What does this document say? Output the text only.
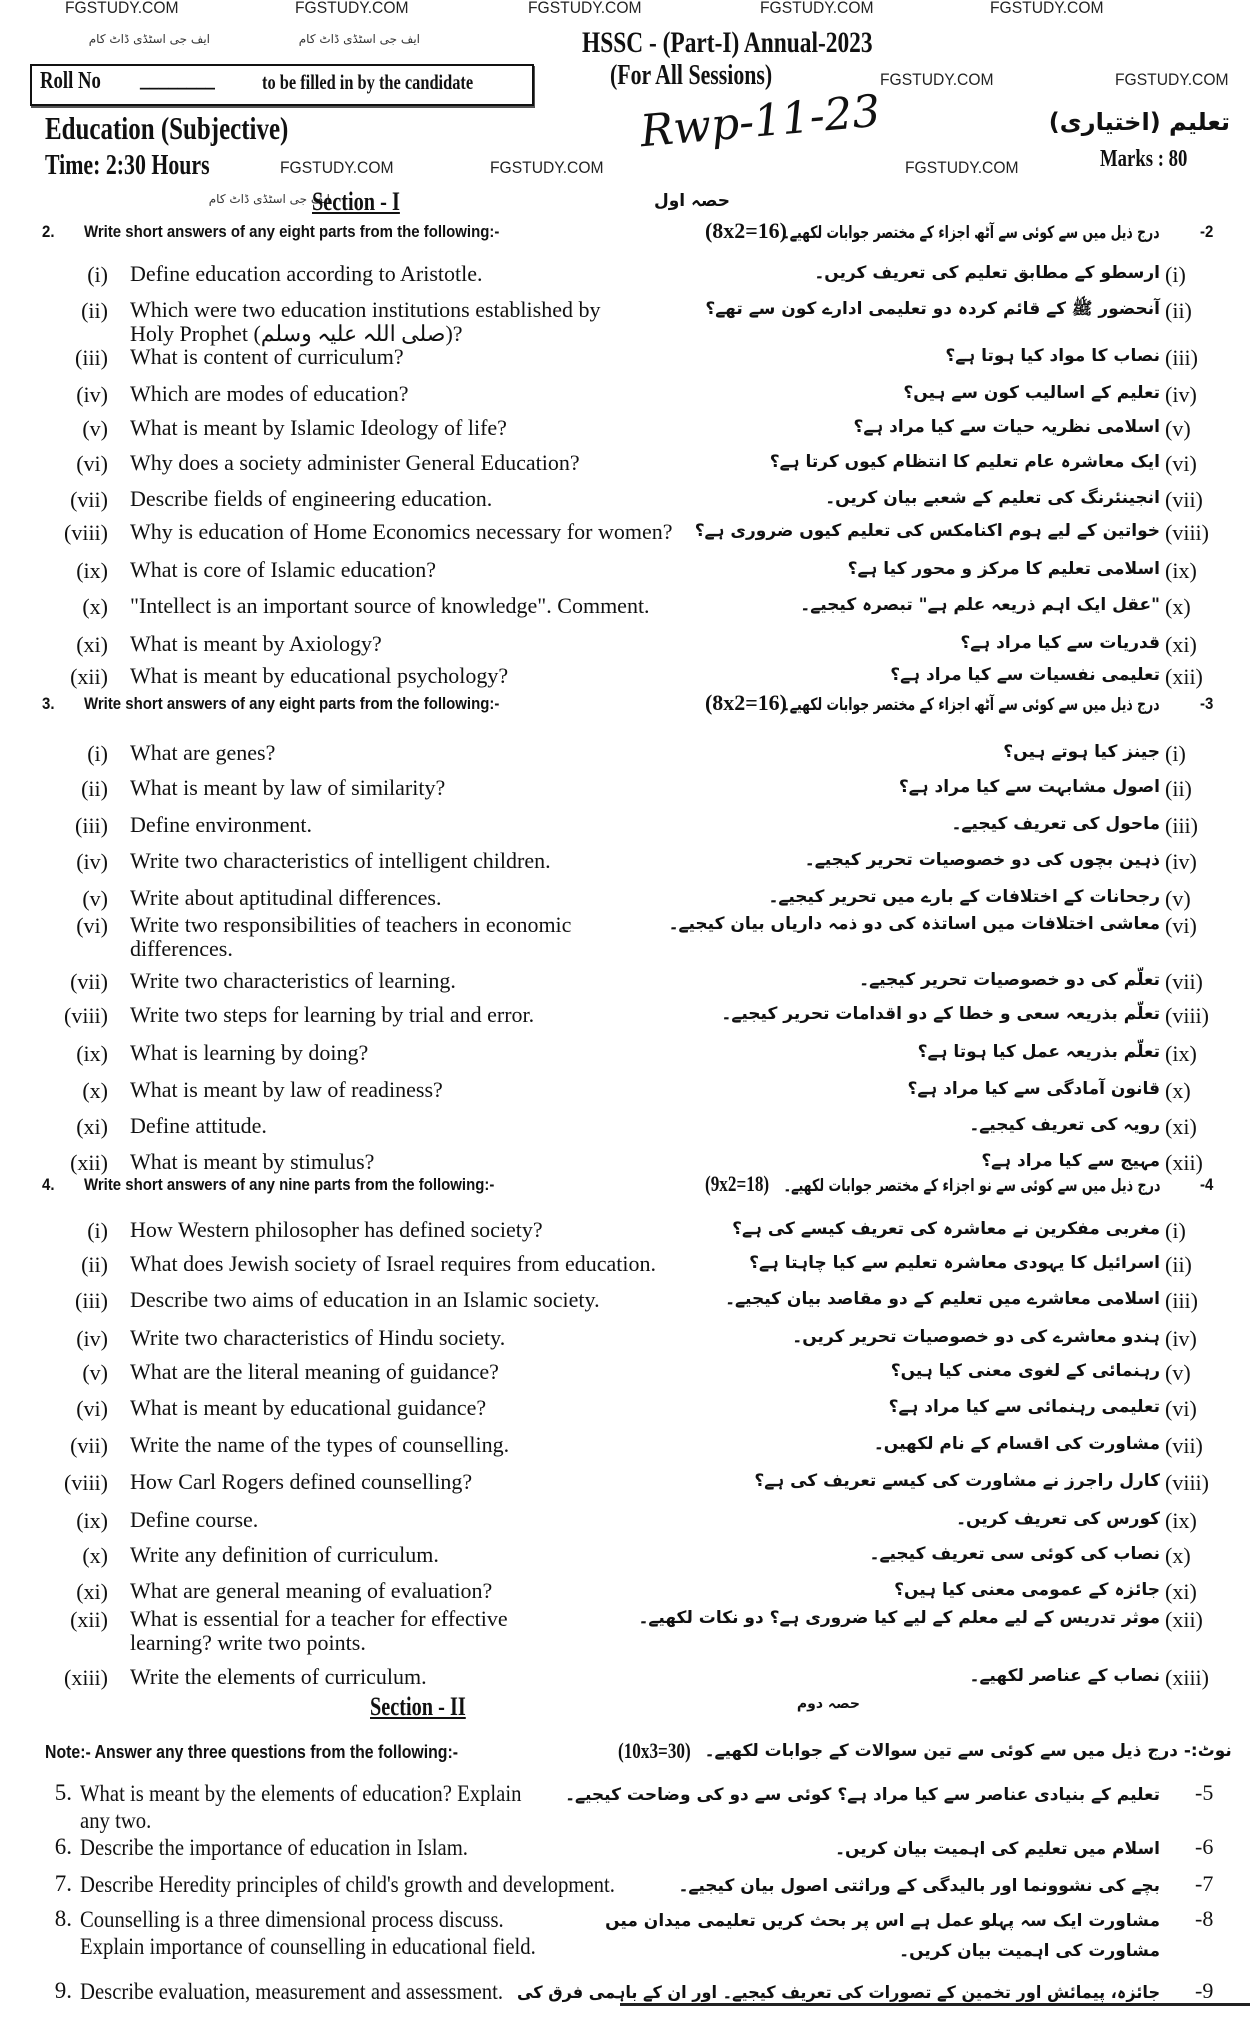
FGSTUDY.COM	FGSTUDY.COM	FGSTUDY.COM	FGSTUDY.COM	FGSTUDY.COM
ایف جی اسٹڈی ڈاٹ کام	ایف جی اسٹڈی ڈاٹ کام
ایف جی اسٹڈی ڈاٹ کام
HSSC - (Part-I) Annual-2023
Roll No ________ to be filled in by the candidate	(For All Sessions)	FGSTUDY.COM	FGSTUDY.COM
Education (Subjective)	تعلیم (اختیاری)
Rwp-11-23
Time: 2:30 Hours	FGSTUDY.COM	FGSTUDY.COM	FGSTUDY.COM	Marks : 80
Section - I	حصہ اول
2. Write short answers of any eight parts from the following:-	(8x2=16)
درج ذیل میں سے کوئی سے آٹھ اجزاء کے مختصر جوابات لکھیے۔ -2
(i) Define education according to Aristotle.	ارسطو کے مطابق تعلیم کی تعریف کریں۔ (i)
(ii) Which were two education institutions established by
Holy Prophet (صلی اللہ علیہ وسلم)?
آنحضور ﷺ کے قائم کردہ دو تعلیمی ادارے کون سے تھے؟ (ii)
(iii) What is content of curriculum?	نصاب کا مواد کیا ہوتا ہے؟ (iii)
(iv) Which are modes of education?	تعلیم کے اسالیب کون سے ہیں؟ (iv)
(v) What is meant by Islamic Ideology of life?	اسلامی نظریہ حیات سے کیا مراد ہے؟ (v)
(vi) Why does a society administer General Education?	ایک معاشرہ عام تعلیم کا انتظام کیوں کرتا ہے؟ (vi)
(vii) Describe fields of engineering education.	انجینئرنگ کی تعلیم کے شعبے بیان کریں۔ (vii)
(viii) Why is education of Home Economics necessary for women? خواتین کے لیے ہوم اکنامکس کی تعلیم کیوں ضروری ہے؟ (viii)
(ix) What is core of Islamic education?	اسلامی تعلیم کا مرکز و محور کیا ہے؟ (ix)
(x) "Intellect is an important source of knowledge". Comment.	"عقل ایک اہم ذریعہ علم ہے" تبصرہ کیجیے۔ (x)
(xi) What is meant by Axiology?	قدریات سے کیا مراد ہے؟ (xi)
(xii) What is meant by educational psychology?	تعلیمی نفسیات سے کیا مراد ہے؟ (xii)
3. Write short answers of any eight parts from the following:-	(8x2=16)
درج ذیل میں سے کوئی سے آٹھ اجزاء کے مختصر جوابات لکھیے۔ -3
(i) What are genes?	جینز کیا ہوتے ہیں؟ (i)
(ii) What is meant by law of similarity?	اصول مشابہت سے کیا مراد ہے؟ (ii)
(iii) Define environment.	ماحول کی تعریف کیجیے۔ (iii)
(iv) Write two characteristics of intelligent children.	ذہین بچوں کی دو خصوصیات تحریر کیجیے۔ (iv)
(v) Write about aptitudinal differences.	رجحانات کے اختلافات کے بارے میں تحریر کیجیے۔ (v)
(vi) Write two responsibilities of teachers in economic
differences.
معاشی اختلافات میں اساتذہ کی دو ذمہ داریاں بیان کیجیے۔ (vi)
(vii) Write two characteristics of learning.	تعلّم کی دو خصوصیات تحریر کیجیے۔ (vii)
(viii) Write two steps for learning by trial and error.	تعلّم بذریعہ سعی و خطا کے دو اقدامات تحریر کیجیے۔ (viii)
(ix) What is learning by doing?	تعلّم بذریعہ عمل کیا ہوتا ہے؟ (ix)
(x) What is meant by law of readiness?	قانون آمادگی سے کیا مراد ہے؟ (x)
(xi) Define attitude.	رویہ کی تعریف کیجیے۔ (xi)
(xii) What is meant by stimulus?	مہیج سے کیا مراد ہے؟ (xii)
4. Write short answers of any nine parts from the following:-	(9x2=18) درج ذیل میں سے کوئی سے نو اجزاء کے مختصر جوابات لکھیے۔ -4
(i) How Western philosopher has defined society?	مغربی مفکرین نے معاشرہ کی تعریف کیسے کی ہے؟ (i)
(ii) What does Jewish society of Israel requires from education.	اسرائیل کا یہودی معاشرہ تعلیم سے کیا چاہتا ہے؟ (ii)
(iii) Describe two aims of education in an Islamic society.	اسلامی معاشرے میں تعلیم کے دو مقاصد بیان کیجیے۔ (iii)
(iv) Write two characteristics of Hindu society.	ہندو معاشرے کی دو خصوصیات تحریر کریں۔ (iv)
(v) What are the literal meaning of guidance?	رہنمائی کے لغوی معنی کیا ہیں؟ (v)
(vi) What is meant by educational guidance?	تعلیمی رہنمائی سے کیا مراد ہے؟ (vi)
(vii) Write the name of the types of counselling.	مشاورت کی اقسام کے نام لکھیں۔ (vii)
(viii) How Carl Rogers defined counselling?	کارل راجرز نے مشاورت کی کیسے تعریف کی ہے؟ (viii)
(ix) Define course.	کورس کی تعریف کریں۔ (ix)
(x) Write any definition of curriculum.	نصاب کی کوئی سی تعریف کیجیے۔ (x)
(xi) What are general meaning of evaluation?	جائزہ کے عمومی معنی کیا ہیں؟ (xi)
(xii) What is essential for a teacher for effective
learning? write two points.
موثر تدریس کے لیے معلم کے لیے کیا ضروری ہے؟ دو نکات لکھیے۔ (xii)
(xiii) Write the elements of curriculum.	نصاب کے عناصر لکھیے۔ (xiii)
Section - II	حصہ دوم
Note:- Answer any three questions from the following:-	(10x3=30) نوٹ:- درج ذیل میں سے کوئی سے تین سوالات کے جوابات لکھیے۔
5. What is meant by the elements of education? Explain
any two.
تعلیم کے بنیادی عناصر سے کیا مراد ہے؟ کوئی سے دو کی وضاحت کیجیے۔ -5
6. Describe the importance of education in Islam.	اسلام میں تعلیم کی اہمیت بیان کریں۔ -6
7. Describe Heredity principles of child's growth and development.	بچے کی نشوونما اور بالیدگی کے وراثتی اصول بیان کیجیے۔ -7
8. Counselling is a three dimensional process discuss.
Explain importance of counselling in educational field.
مشاورت ایک سہ پہلو عمل ہے اس پر بحث کریں تعلیمی میدان میں
مشاورت کی اہمیت بیان کریں۔
-8
9. Describe evaluation, measurement and assessment. جائزہ، پیمائش اور تخمین کے تصورات کی تعریف کیجیے۔ اور ان کے باہمی فرق کی -9
